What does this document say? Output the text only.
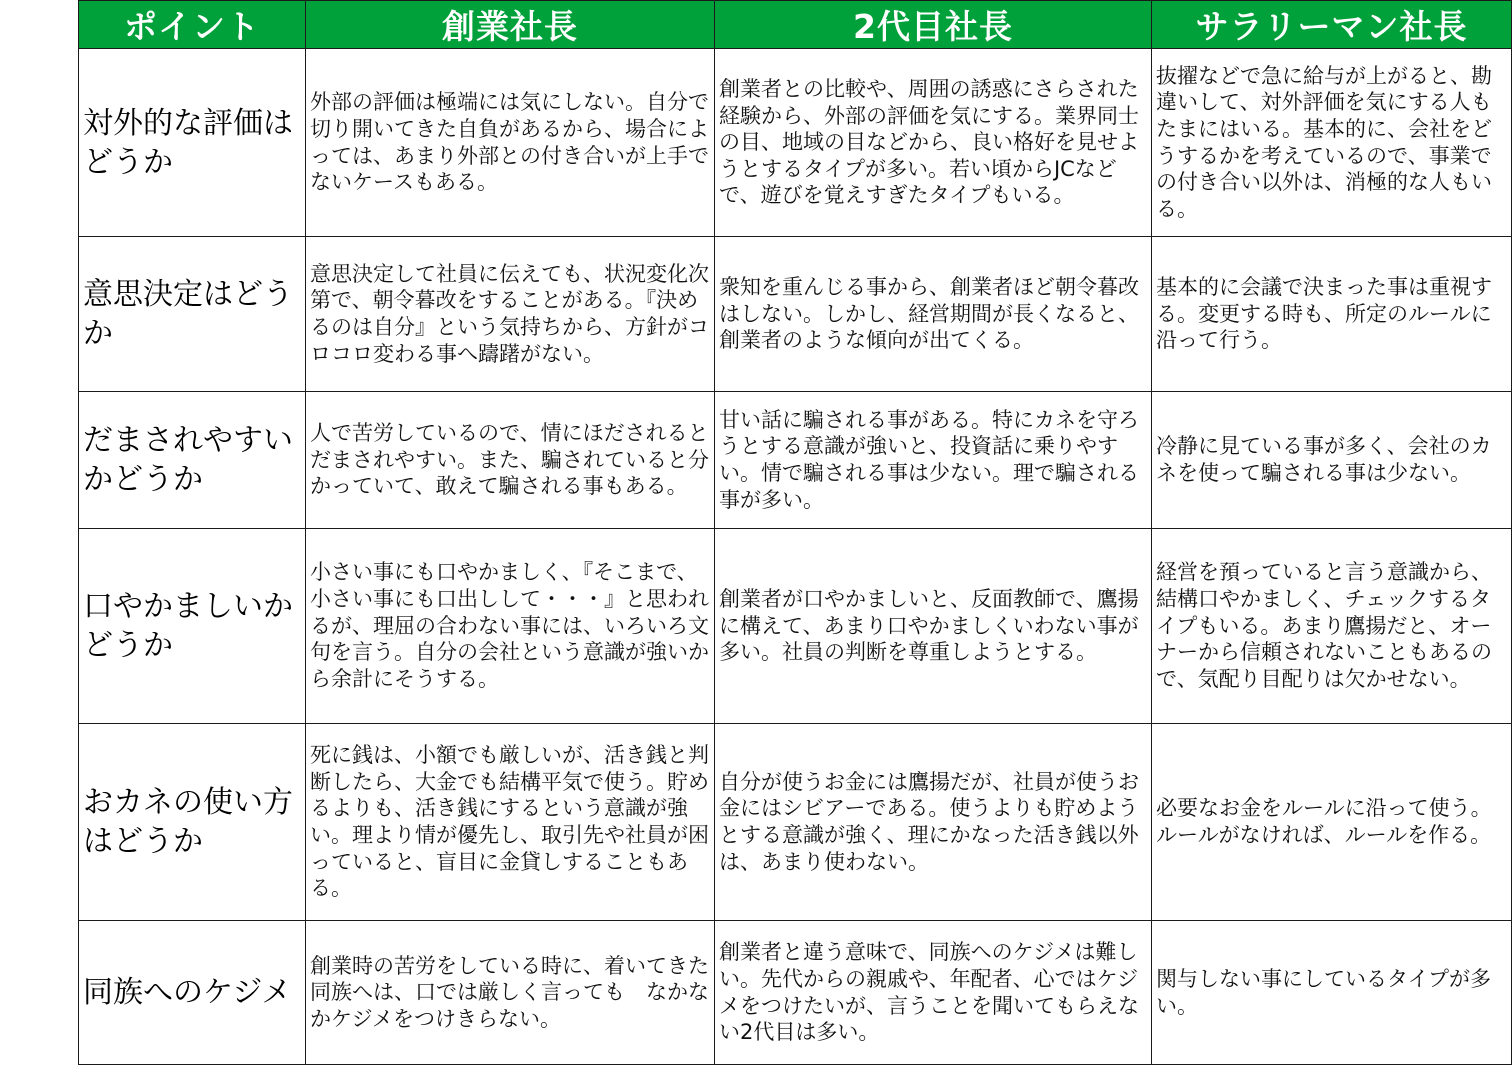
ポイント	創業社長	2代目社長	サラリーマン社長
対外的な評価はどうか	外部の評価は極端には気にしない。自分で切り開いてきた自負があるから、場合によっては、あまり外部との付き合いが上手でないケースもある。	創業者との比較や、周囲の誘惑にさらされた経験から、外部の評価を気にする。業界同士の目、地域の目などから、良い格好を見せようとするタイプが多い。若い頃からJCなどで、遊びを覚えすぎたタイプもいる。	抜擢などで急に給与が上がると、勘違いして、対外評価を気にする人もたまにはいる。基本的に、会社をどうするかを考えているので、事業での付き合い以外は、消極的な人もいる。
意思決定はどうか	意思決定して社員に伝えても、状況変化次第で、朝令暮改をすることがある。『決めるのは自分』という気持ちから、方針がコロコロ変わる事へ躊躇がない。	衆知を重んじる事から、創業者ほど朝令暮改はしない。しかし、経営期間が長くなると、創業者のような傾向が出てくる。	基本的に会議で決まった事は重視する。変更する時も、所定のルールに沿って行う。
だまされやすいかどうか	人で苦労しているので、情にほだされるとだまされやすい。また、騙されていると分かっていて、敢えて騙される事もある。	甘い話に騙される事がある。特にカネを守ろうとする意識が強いと、投資話に乗りやすい。情で騙される事は少ない。理で騙される事が多い。	冷静に見ている事が多く、会社のカネを使って騙される事は少ない。
口やかましいかどうか	小さい事にも口やかましく、『そこまで、小さい事にも口出しして・・・』と思われるが、理屈の合わない事には、いろいろ文句を言う。自分の会社という意識が強いから余計にそうする。	創業者が口やかましいと、反面教師で、鷹揚に構えて、あまり口やかましくいわない事が多い。社員の判断を尊重しようとする。	経営を預っていると言う意識から、結構口やかましく、チェックするタイプもいる。あまり鷹揚だと、オーナーから信頼されないこともあるので、気配り目配りは欠かせない。
おカネの使い方はどうか	死に銭は、小額でも厳しいが、活き銭と判断したら、大金でも結構平気で使う。貯めるよりも、活き銭にするという意識が強い。理より情が優先し、取引先や社員が困っていると、盲目に金貸しすることもある。	自分が使うお金には鷹揚だが、社員が使うお金にはシビアーである。使うよりも貯めようとする意識が強く、理にかなった活き銭以外は、あまり使わない。	必要なお金をルールに沿って使う。ルールがなければ、ルールを作る。
同族へのケジメ	創業時の苦労をしている時に、着いてきた同族へは、口では厳しく言っても　なかなかケジメをつけきらない。	創業者と違う意味で、同族へのケジメは難しい。先代からの親戚や、年配者、心ではケジメをつけたいが、言うことを聞いてもらえない2代目は多い。	関与しない事にしているタイプが多い。
